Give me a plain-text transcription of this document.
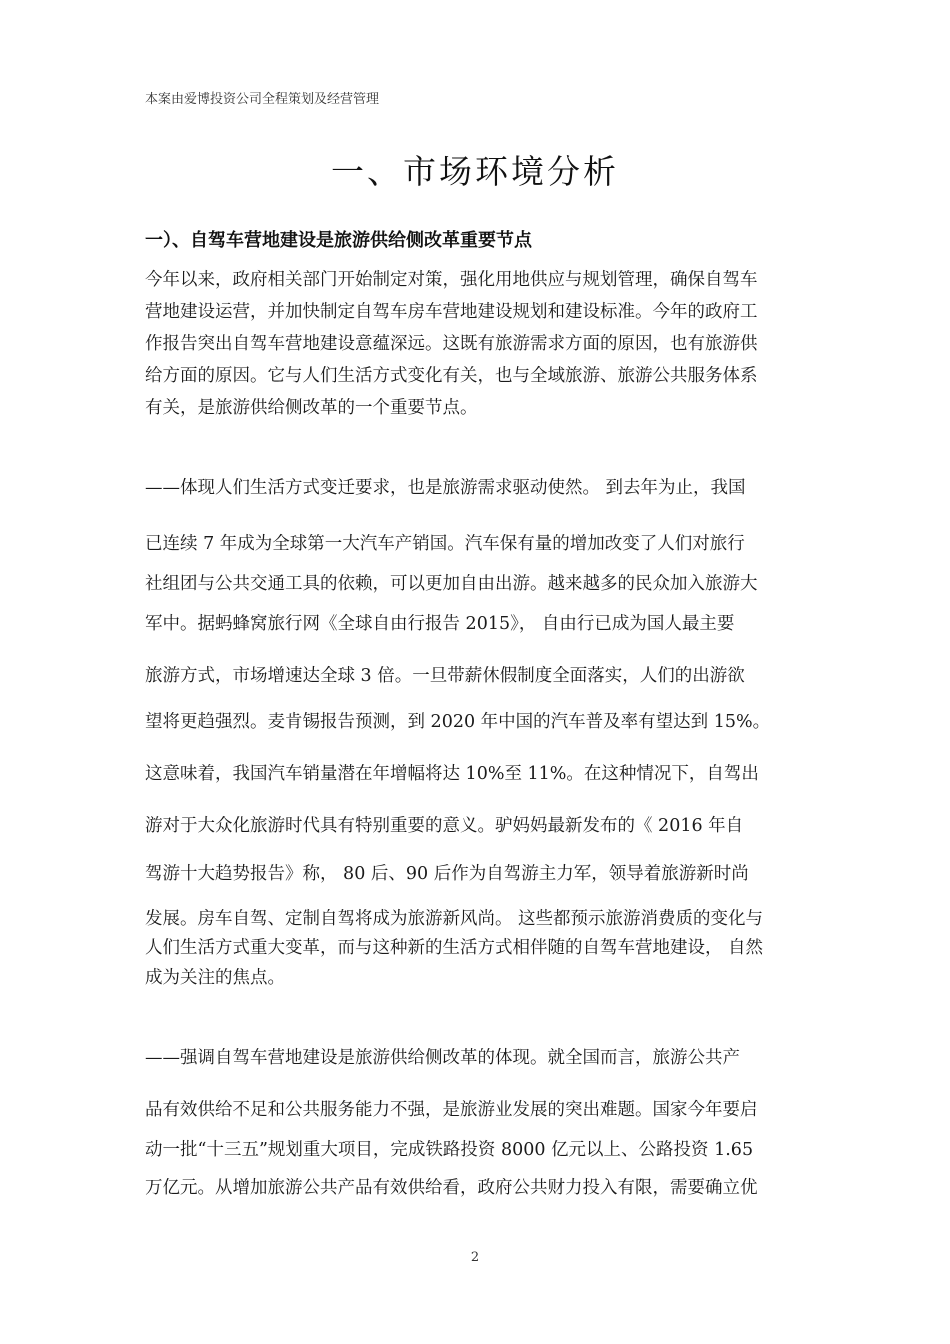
本案由爱博投资公司全程策划及经营管理
一、市场环境分析
一）、自驾车营地建设是旅游供给侧改革重要节点
今年以来，政府相关部门开始制定对策，强化用地供应与规划管理，确保自驾车
营地建设运营，并加快制定自驾车房车营地建设规划和建设标准。今年的政府工
作报告突出自驾车营地建设意蕴深远。这既有旅游需求方面的原因，也有旅游供
给方面的原因。它与人们生活方式变化有关，也与全域旅游、旅游公共服务体系
有关，是旅游供给侧改革的一个重要节点。
——体现人们生活方式变迁要求，也是旅游需求驱动使然。 到去年为止，我国
已连续 7 年成为全球第一大汽车产销国。汽车保有量的增加改变了人们对旅行
社组团与公共交通工具的依赖，可以更加自由出游。越来越多的民众加入旅游大
军中。据蚂蜂窝旅行网《全球自由行报告 2015》， 自由行已成为国人最主要
旅游方式，市场增速达全球 3 倍。一旦带薪休假制度全面落实，人们的出游欲
望将更趋强烈。麦肯锡报告预测，到 2020 年中国的汽车普及率有望达到 15%。
这意味着，我国汽车销量潜在年增幅将达 10%至 11%。在这种情况下，自驾出
游对于大众化旅游时代具有特别重要的意义。驴妈妈最新发布的《 2016 年自
驾游十大趋势报告》称， 80 后、90 后作为自驾游主力军，领导着旅游新时尚
发展。房车自驾、定制自驾将成为旅游新风尚。 这些都预示旅游消费质的变化与
人们生活方式重大变革，而与这种新的生活方式相伴随的自驾车营地建设， 自然
成为关注的焦点。
——强调自驾车营地建设是旅游供给侧改革的体现。就全国而言，旅游公共产
品有效供给不足和公共服务能力不强，是旅游业发展的突出难题。国家今年要启
动一批“十三五”规划重大项目，完成铁路投资 8000 亿元以上、公路投资 1.65
万亿元。从增加旅游公共产品有效供给看，政府公共财力投入有限，需要确立优
2
